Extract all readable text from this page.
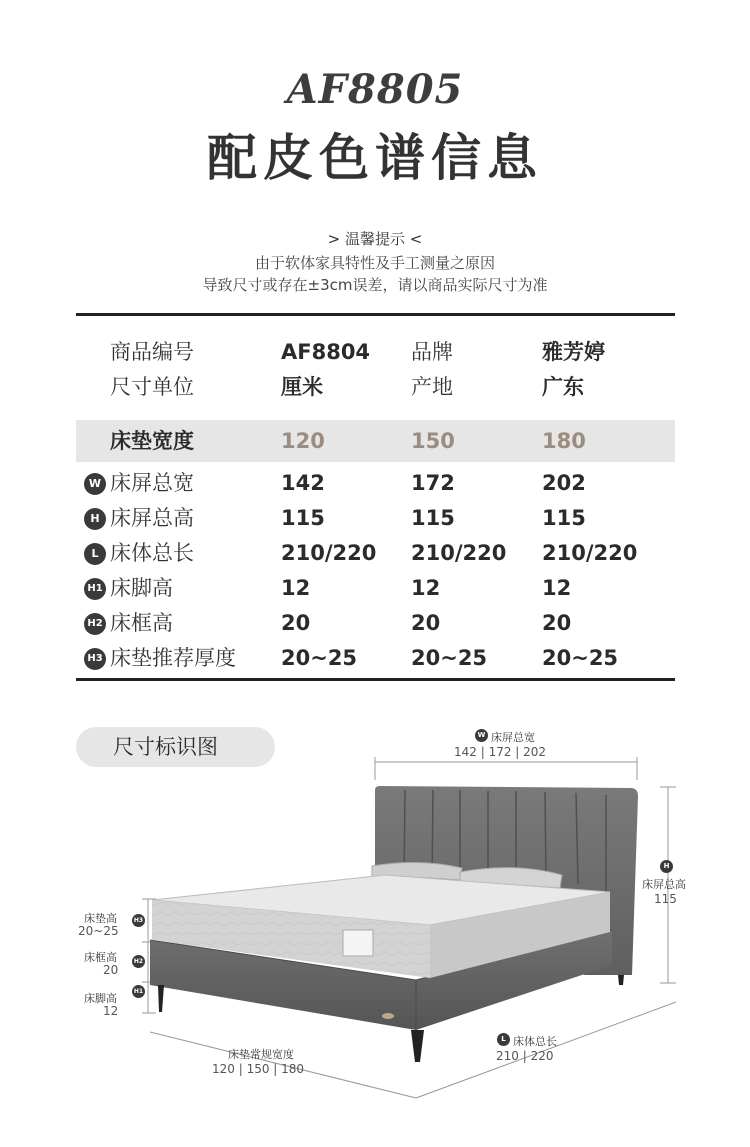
AF8805
配皮色谱信息
> 温馨提示 <
由于软体家具特性及手工测量之原因
导致尺寸或存在±3cm误差，请以商品实际尺寸为准
商品编号	AF8804 品牌	雅芳婷
尺寸单位	厘米	产地	广东
床垫宽度	120	150	180
W 床屏总宽	142	172	202
H 床屏总高	115	115	115
L 床体总长	210/220 210/220 210/220
H1 床脚高	12	12	12
H2 床框高	20	20	20
H3 床垫推荐厚度 20~25	20~25	20~25
尺寸标识图	W 床屏总宽
142 | 172 | 202
H
床屏总高
115
床垫高
20~25
H3
床框高
20
H2
床脚高
12
H1
床垫常规宽度
120 | 150 | 180
L 床体总长
210 | 220
